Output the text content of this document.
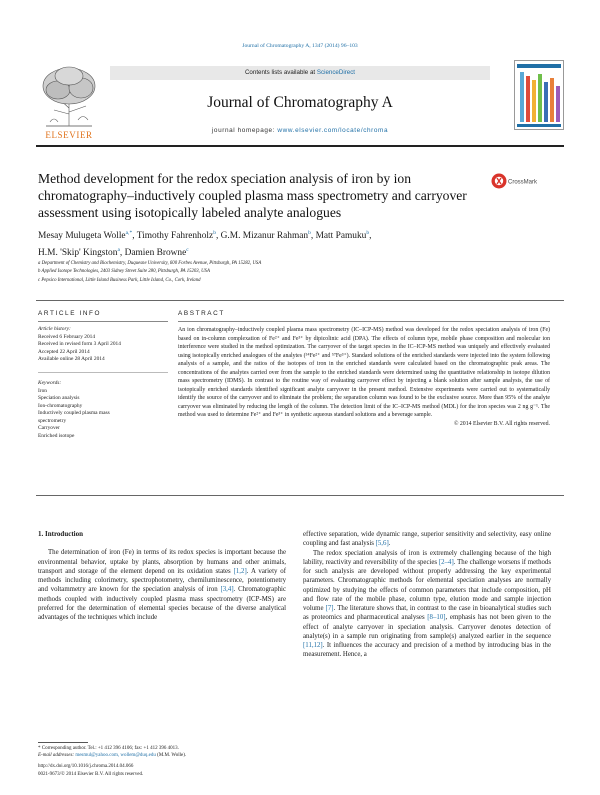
Journal of Chromatography A, 1347 (2014) 96–103
ELSEVIER
Contents lists available at ScienceDirect
Journal of Chromatography A
journal homepage: www.elsevier.com/locate/chroma
Method development for the redox speciation analysis of iron by ion chromatography–inductively coupled plasma mass spectrometry and carryover assessment using isotopically labeled analyte analogues
CrossMark
Mesay Mulugeta Wolle$^{a,*}$, Timothy Fahrenholz$^b$, G.M. Mizanur Rahman$^b$, Matt Pamuku$^b$,
H.M. 'Skip' Kingston$^a$, Damien Browne$^c$
a Department of Chemistry and Biochemistry, Duquesne University, 600 Forbes Avenue, Pittsburgh, PA 15282, USA
b Applied Isotope Technologies, 2403 Sidney Street Suite 280, Pittsburgh, PA 15203, USA
c Pepsico International, Little Island Business Park, Little Island, Co., Cork, Ireland
ARTICLE INFO	ABSTRACT
Article history:
Received 6 February 2014
Received in revised form 3 April 2014
Accepted 22 April 2014
Available online 28 April 2014
Keywords:
Iron
Speciation analysis
Ion-chromatography
Inductively coupled plasma mass
spectrometry
Carryover
Enriched isotope
An ion chromatography–inductively coupled plasma mass spectrometry (IC–ICP-MS) method was developed for the redox speciation analysis of iron (Fe) based on in-column complexation of Fe²⁺ and Fe³⁺ by dipicolinic acid (DPA). The effects of column type, mobile phase composition and molecular ion interference were studied in the method optimization. The carryover of the target species in the IC–ICP-MS method was uniquely and effectively evaluated using isotopically enriched analogues of the analytes (⁵⁴Fe²⁺ and ⁵⁷Fe³⁺). Standard solutions of the enriched standards were injected into the system following analysis of a sample, and the ratios of the isotopes of iron in the enriched standards were calculated based on the chromatographic peak areas. The concentrations of the analytes carried over from the sample to the enriched standards were determined using the quantitative relationship in isotope dilution mass spectrometry (IDMS). In contrast to the routine way of evaluating carryover effect by injecting a blank solution after sample analysis, the use of isotopically enriched standards identified significant analyte carryover in the present method. Extensive experiments were carried out to systematically identify the source of the carryover and to eliminate the problem; the separation column was found to be the exclusive source. More than 95% of the analyte carryover was eliminated by reducing the length of the column. The detection limit of the IC–ICP-MS method (MDL) for the iron species was 2 ng g⁻¹. The method was used to determine Fe²⁺ and Fe³⁺ in synthetic aqueous standard solutions and a beverage sample.
© 2014 Elsevier B.V. All rights reserved.
1. Introduction

The determination of iron (Fe) in terms of its redox species is important because the environmental behavior, uptake by plants, absorption by humans and other animals, transport and storage of the element depend on its oxidation states [1,2]. A variety of methods including colorimetry, spectrophotometry, chemiluminescence, potentiometry and voltammetry are known for the speciation analysis of iron [3,4]. Chromatographic methods coupled with inductively coupled plasma mass spectrometry (ICP-MS) are preferred for the determination of elemental species because of the diverse analytical advantages of the techniques which include

effective separation, wide dynamic range, superior sensitivity and selectivity, easy online coupling and fast analysis [5,6].

The redox speciation analysis of iron is extremely challenging because of the high lability, reactivity and reversibility of the species [2–4]. The challenge worsens if methods for such analysis are developed without properly addressing the key experimental parameters. Chromatographic methods for elemental speciation analyses are normally optimized by studying the effects of common parameters that include composition, pH and flow rate of the mobile phase, column type, elution mode and sample injection volume [7]. The literature shows that, in contrast to the case in bioanalytical studies such as proteomics and pharmaceutical analyses [8–10], emphasis has not been given to the effect of analyte carryover in speciation analysis. Carryover denotes detection of analyte(s) in a sample run originating from sample(s) analyzed earlier in the sequence [11,12]. It influences the accuracy and precision of a method by introducing bias in the measurement. Hence, a

* Corresponding author. Tel.: +1 412 396 4106; fax: +1 412 396 4013.
E-mail addresses: mesmul@yahoo.com, wollem@duq.edu (M.M. Wolle).
http://dx.doi.org/10.1016/j.chroma.2014.04.066
0021-9673/© 2014 Elsevier B.V. All rights reserved.
